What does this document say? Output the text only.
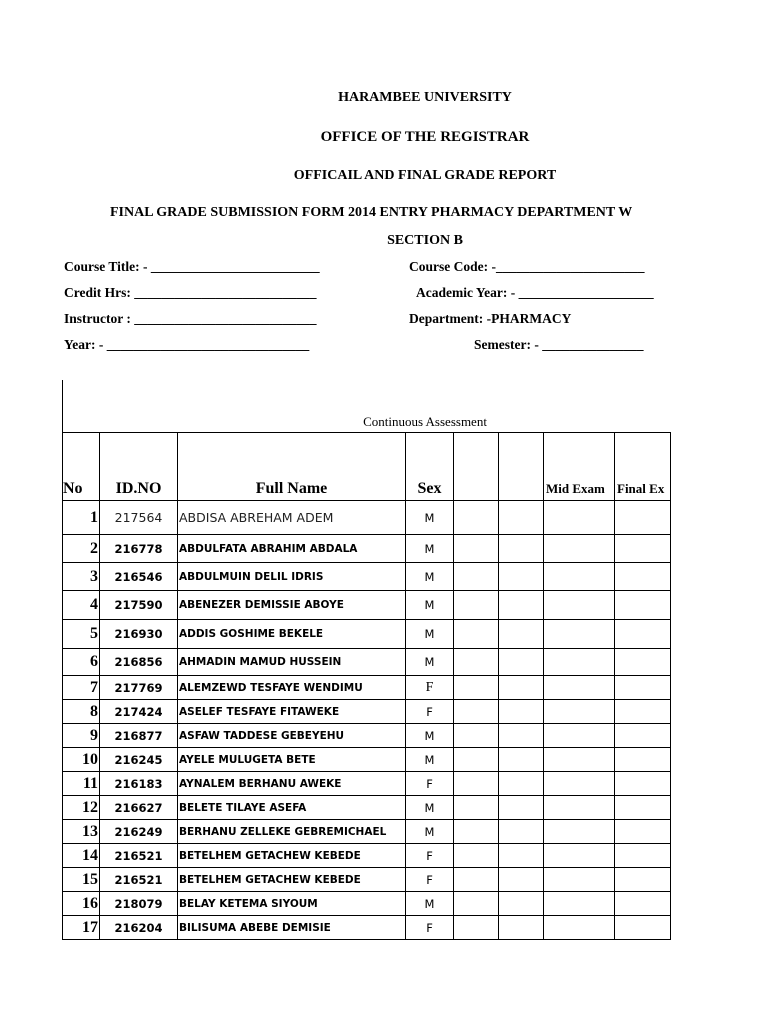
HARAMBEE UNIVERSITY
OFFICE OF THE REGISTRAR
OFFICAIL AND FINAL GRADE REPORT
FINAL GRADE SUBMISSION FORM 2014 ENTRY PHARMACY DEPARTMENT W
SECTION B
Course Title: - _________________________	Course Code: -______________________
Credit Hrs: ___________________________	Academic Year: - ____________________
Instructor : ___________________________	Department: -PHARMACY
Year: - ______________________________	Semester: - _______________
Continuous Assessment
No	ID.NO	Full Name	Sex			Mid Exam	Final Ex
1	217564	ABDISA ABREHAM ADEM	M				
2	216778	ABDULFATA ABRAHIM ABDALA	M				
3	216546	ABDULMUIN DELIL IDRIS	M				
4	217590	ABENEZER DEMISSIE ABOYE	M				
5	216930	ADDIS GOSHIME BEKELE	M				
6	216856	AHMADIN MAMUD HUSSEIN	M				
7	217769	ALEMZEWD TESFAYE WENDIMU	F				
8	217424	ASELEF TESFAYE FITAWEKE	F				
9	216877	ASFAW TADDESE GEBEYEHU	M				
10	216245	AYELE MULUGETA BETE	M				
11	216183	AYNALEM BERHANU AWEKE	F				
12	216627	BELETE TILAYE ASEFA	M				
13	216249	BERHANU ZELLEKE GEBREMICHAEL	M				
14	216521	BETELHEM GETACHEW KEBEDE	F				
15	216521	BETELHEM GETACHEW KEBEDE	F				
16	218079	BELAY KETEMA SIYOUM	M				
17	216204	BILISUMA ABEBE DEMISIE	F				
